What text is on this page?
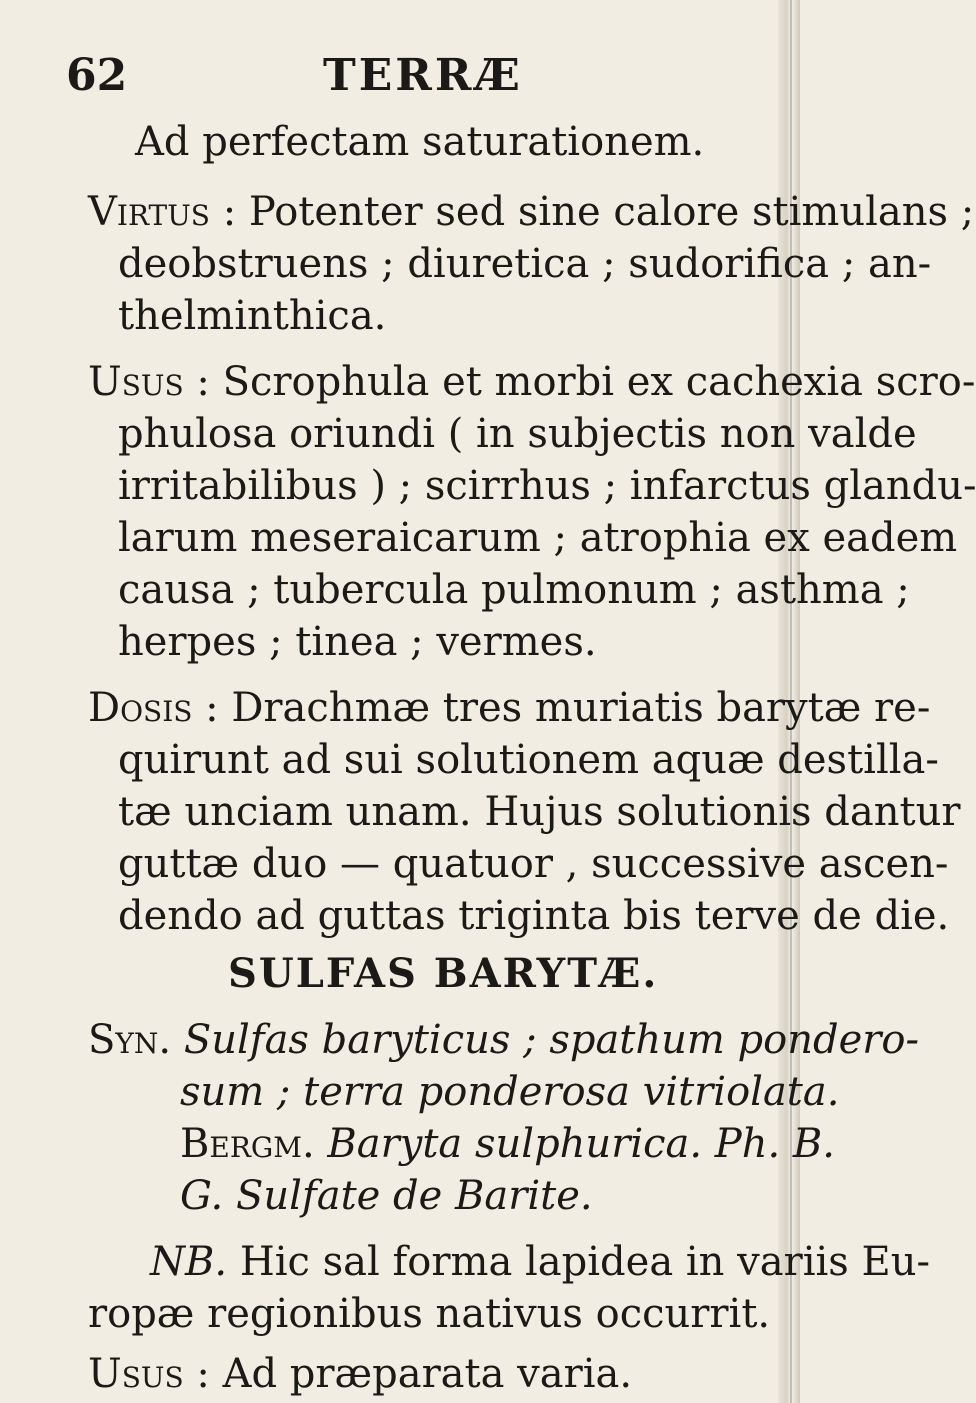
62	TERRÆ
Ad perfectam saturationem.
Virtus : Potenter sed sine calore stimulans ;
deobstruens ; diuretica ; sudorifica ; an-
thelminthica.
Usus : Scrophula et morbi ex cachexia scro-
phulosa oriundi ( in subjectis non valde
irritabilibus ) ; scirrhus ; infarctus glandu-
larum meseraicarum ; atrophia ex eadem
causa ; tubercula pulmonum ; asthma ;
herpes ; tinea ; vermes.
Dosis : Drachmæ tres muriatis barytæ re-
quirunt ad sui solutionem aquæ destilla-
tæ unciam unam. Hujus solutionis dantur
guttæ duo — quatuor , successive ascen-
dendo ad guttas triginta bis terve de die.
SULFAS BARYTÆ.
Syn. Sulfas baryticus ; spathum pondero-
sum ; terra ponderosa vitriolata.
Bergm. Baryta sulphurica. Ph. B.
G. Sulfate de Barite.
NB. Hic sal forma lapidea in variis Eu-
ropæ regionibus nativus occurrit.
Usus : Ad præparata varia.
